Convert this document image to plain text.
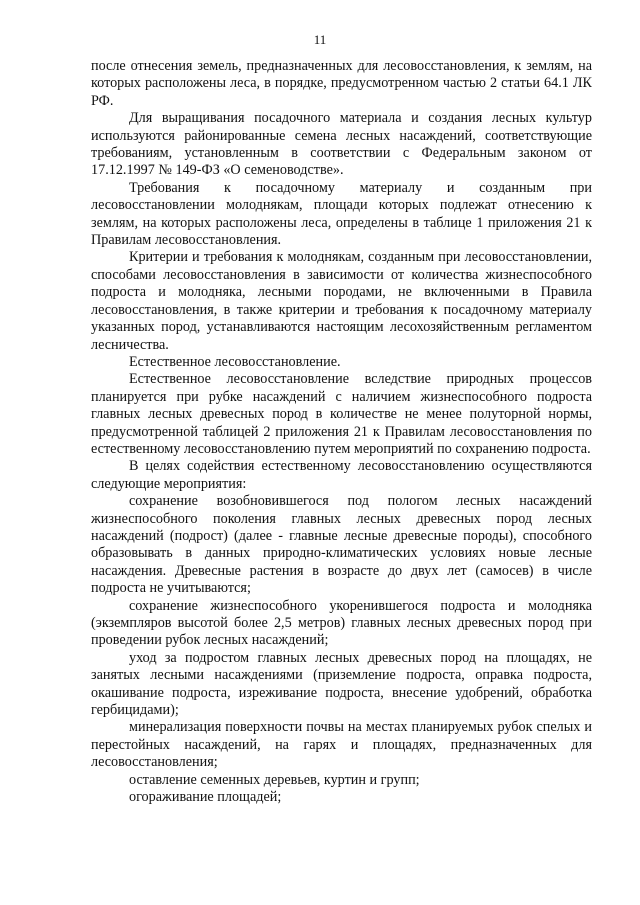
11

после отнесения земель, предназначенных для лесовосстановления, к землям, на которых расположены леса, в порядке, предусмотренном частью 2 статьи 64.1 ЛК РФ.

Для выращивания посадочного материала и создания лесных культур используются районированные семена лесных насаждений, соответствующие требованиям, установленным в соответствии с Федеральным законом от 17.12.1997 № 149-ФЗ «О семеноводстве».

Требования к посадочному материалу и созданным при лесовосстановлении молоднякам, площади которых подлежат отнесению к землям, на которых расположены леса, определены в таблице 1 приложения 21 к Правилам лесовосстановления.

Критерии и требования к молоднякам, созданным при лесовосстановлении, способами лесовосстановления в зависимости от количества жизнеспособного подроста и молодняка, лесными породами, не включенными в Правила лесовосстановления, в также критерии и требования к посадочному материалу указанных пород, устанавливаются настоящим лесохозяйственным регламентом лесничества.

Естественное лесовосстановление.

Естественное лесовосстановление вследствие природных процессов планируется при рубке насаждений с наличием жизнеспособного подроста главных лесных древесных пород в количестве не менее полуторной нормы, предусмотренной таблицей 2 приложения 21 к Правилам лесовосстановления по естественному лесовосстановлению путем мероприятий по сохранению подроста.

В целях содействия естественному лесовосстановлению осуществляются следующие мероприятия:

сохранение возобновившегося под пологом лесных насаждений жизнеспособного поколения главных лесных древесных пород лесных насаждений (подрост) (далее - главные лесные древесные породы), способного образовывать в данных природно-климатических условиях новые лесные насаждения. Древесные растения в возрасте до двух лет (самосев) в числе подроста не учитываются;

сохранение жизнеспособного укоренившегося подроста и молодняка (экземпляров высотой более 2,5 метров) главных лесных древесных пород при проведении рубок лесных насаждений;

уход за подростом главных лесных древесных пород на площадях, не занятых лесными насаждениями (приземление подроста, оправка подроста, окашивание подроста, изреживание подроста, внесение удобрений, обработка гербицидами);

минерализация поверхности почвы на местах планируемых рубок спелых и перестойных насаждений, на гарях и площадях, предназначенных для лесовосстановления;

оставление семенных деревьев, куртин и групп;

огораживание площадей;
